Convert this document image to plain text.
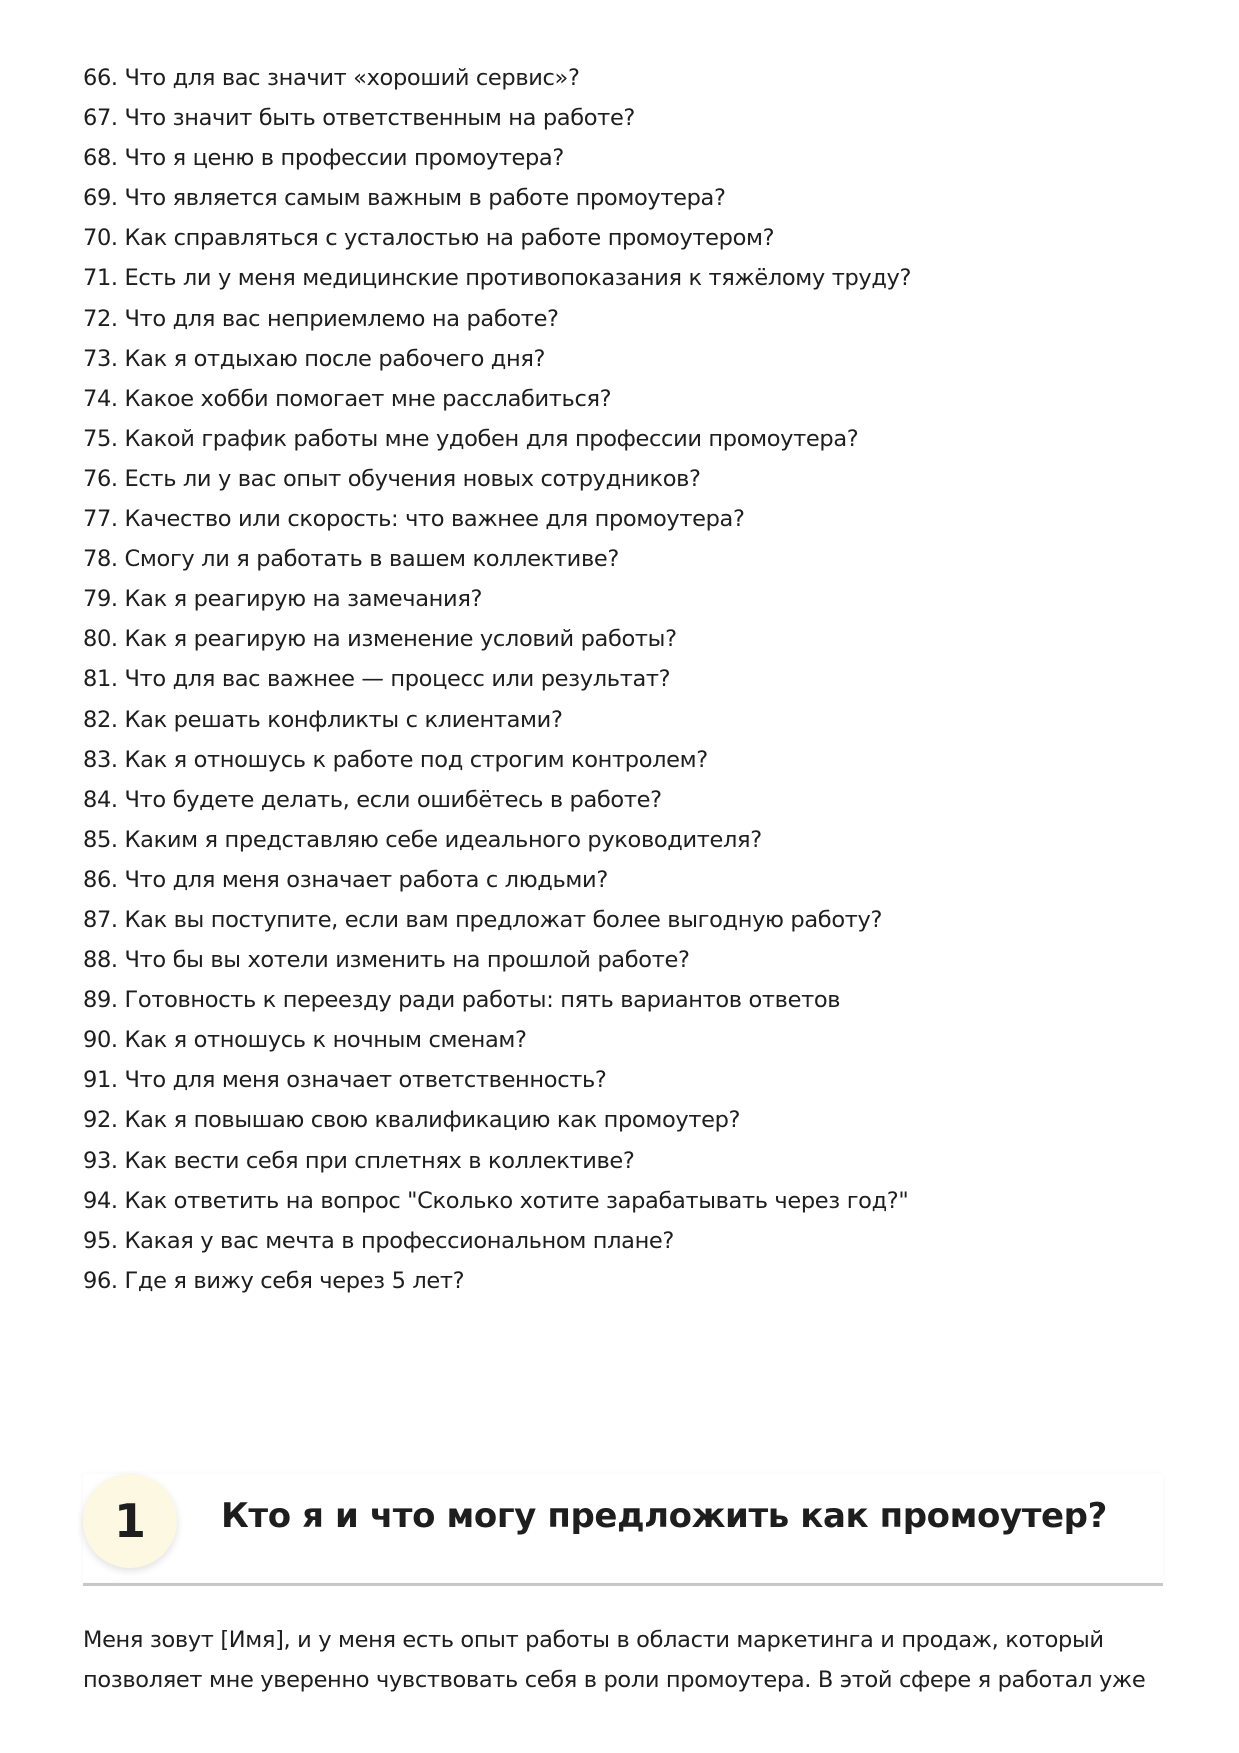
66. Что для вас значит «хороший сервис»?
67. Что значит быть ответственным на работе?
68. Что я ценю в профессии промоутера?
69. Что является самым важным в работе промоутера?
70. Как справляться с усталостью на работе промоутером?
71. Есть ли у меня медицинские противопоказания к тяжёлому труду?
72. Что для вас неприемлемо на работе?
73. Как я отдыхаю после рабочего дня?
74. Какое хобби помогает мне расслабиться?
75. Какой график работы мне удобен для профессии промоутера?
76. Есть ли у вас опыт обучения новых сотрудников?
77. Качество или скорость: что важнее для промоутера?
78. Смогу ли я работать в вашем коллективе?
79. Как я реагирую на замечания?
80. Как я реагирую на изменение условий работы?
81. Что для вас важнее — процесс или результат?
82. Как решать конфликты с клиентами?
83. Как я отношусь к работе под строгим контролем?
84. Что будете делать, если ошибётесь в работе?
85. Каким я представляю себе идеального руководителя?
86. Что для меня означает работа с людьми?
87. Как вы поступите, если вам предложат более выгодную работу?
88. Что бы вы хотели изменить на прошлой работе?
89. Готовность к переезду ради работы: пять вариантов ответов
90. Как я отношусь к ночным сменам?
91. Что для меня означает ответственность?
92. Как я повышаю свою квалификацию как промоутер?
93. Как вести себя при сплетнях в коллективе?
94. Как ответить на вопрос "Сколько хотите зарабатывать через год?"
95. Какая у вас мечта в профессиональном плане?
96. Где я вижу себя через 5 лет?
1	Кто я и что могу предложить как промоутер?
Меня зовут [Имя], и у меня есть опыт работы в области маркетинга и продаж, который
позволяет мне уверенно чувствовать себя в роли промоутера. В этой сфере я работал уже
